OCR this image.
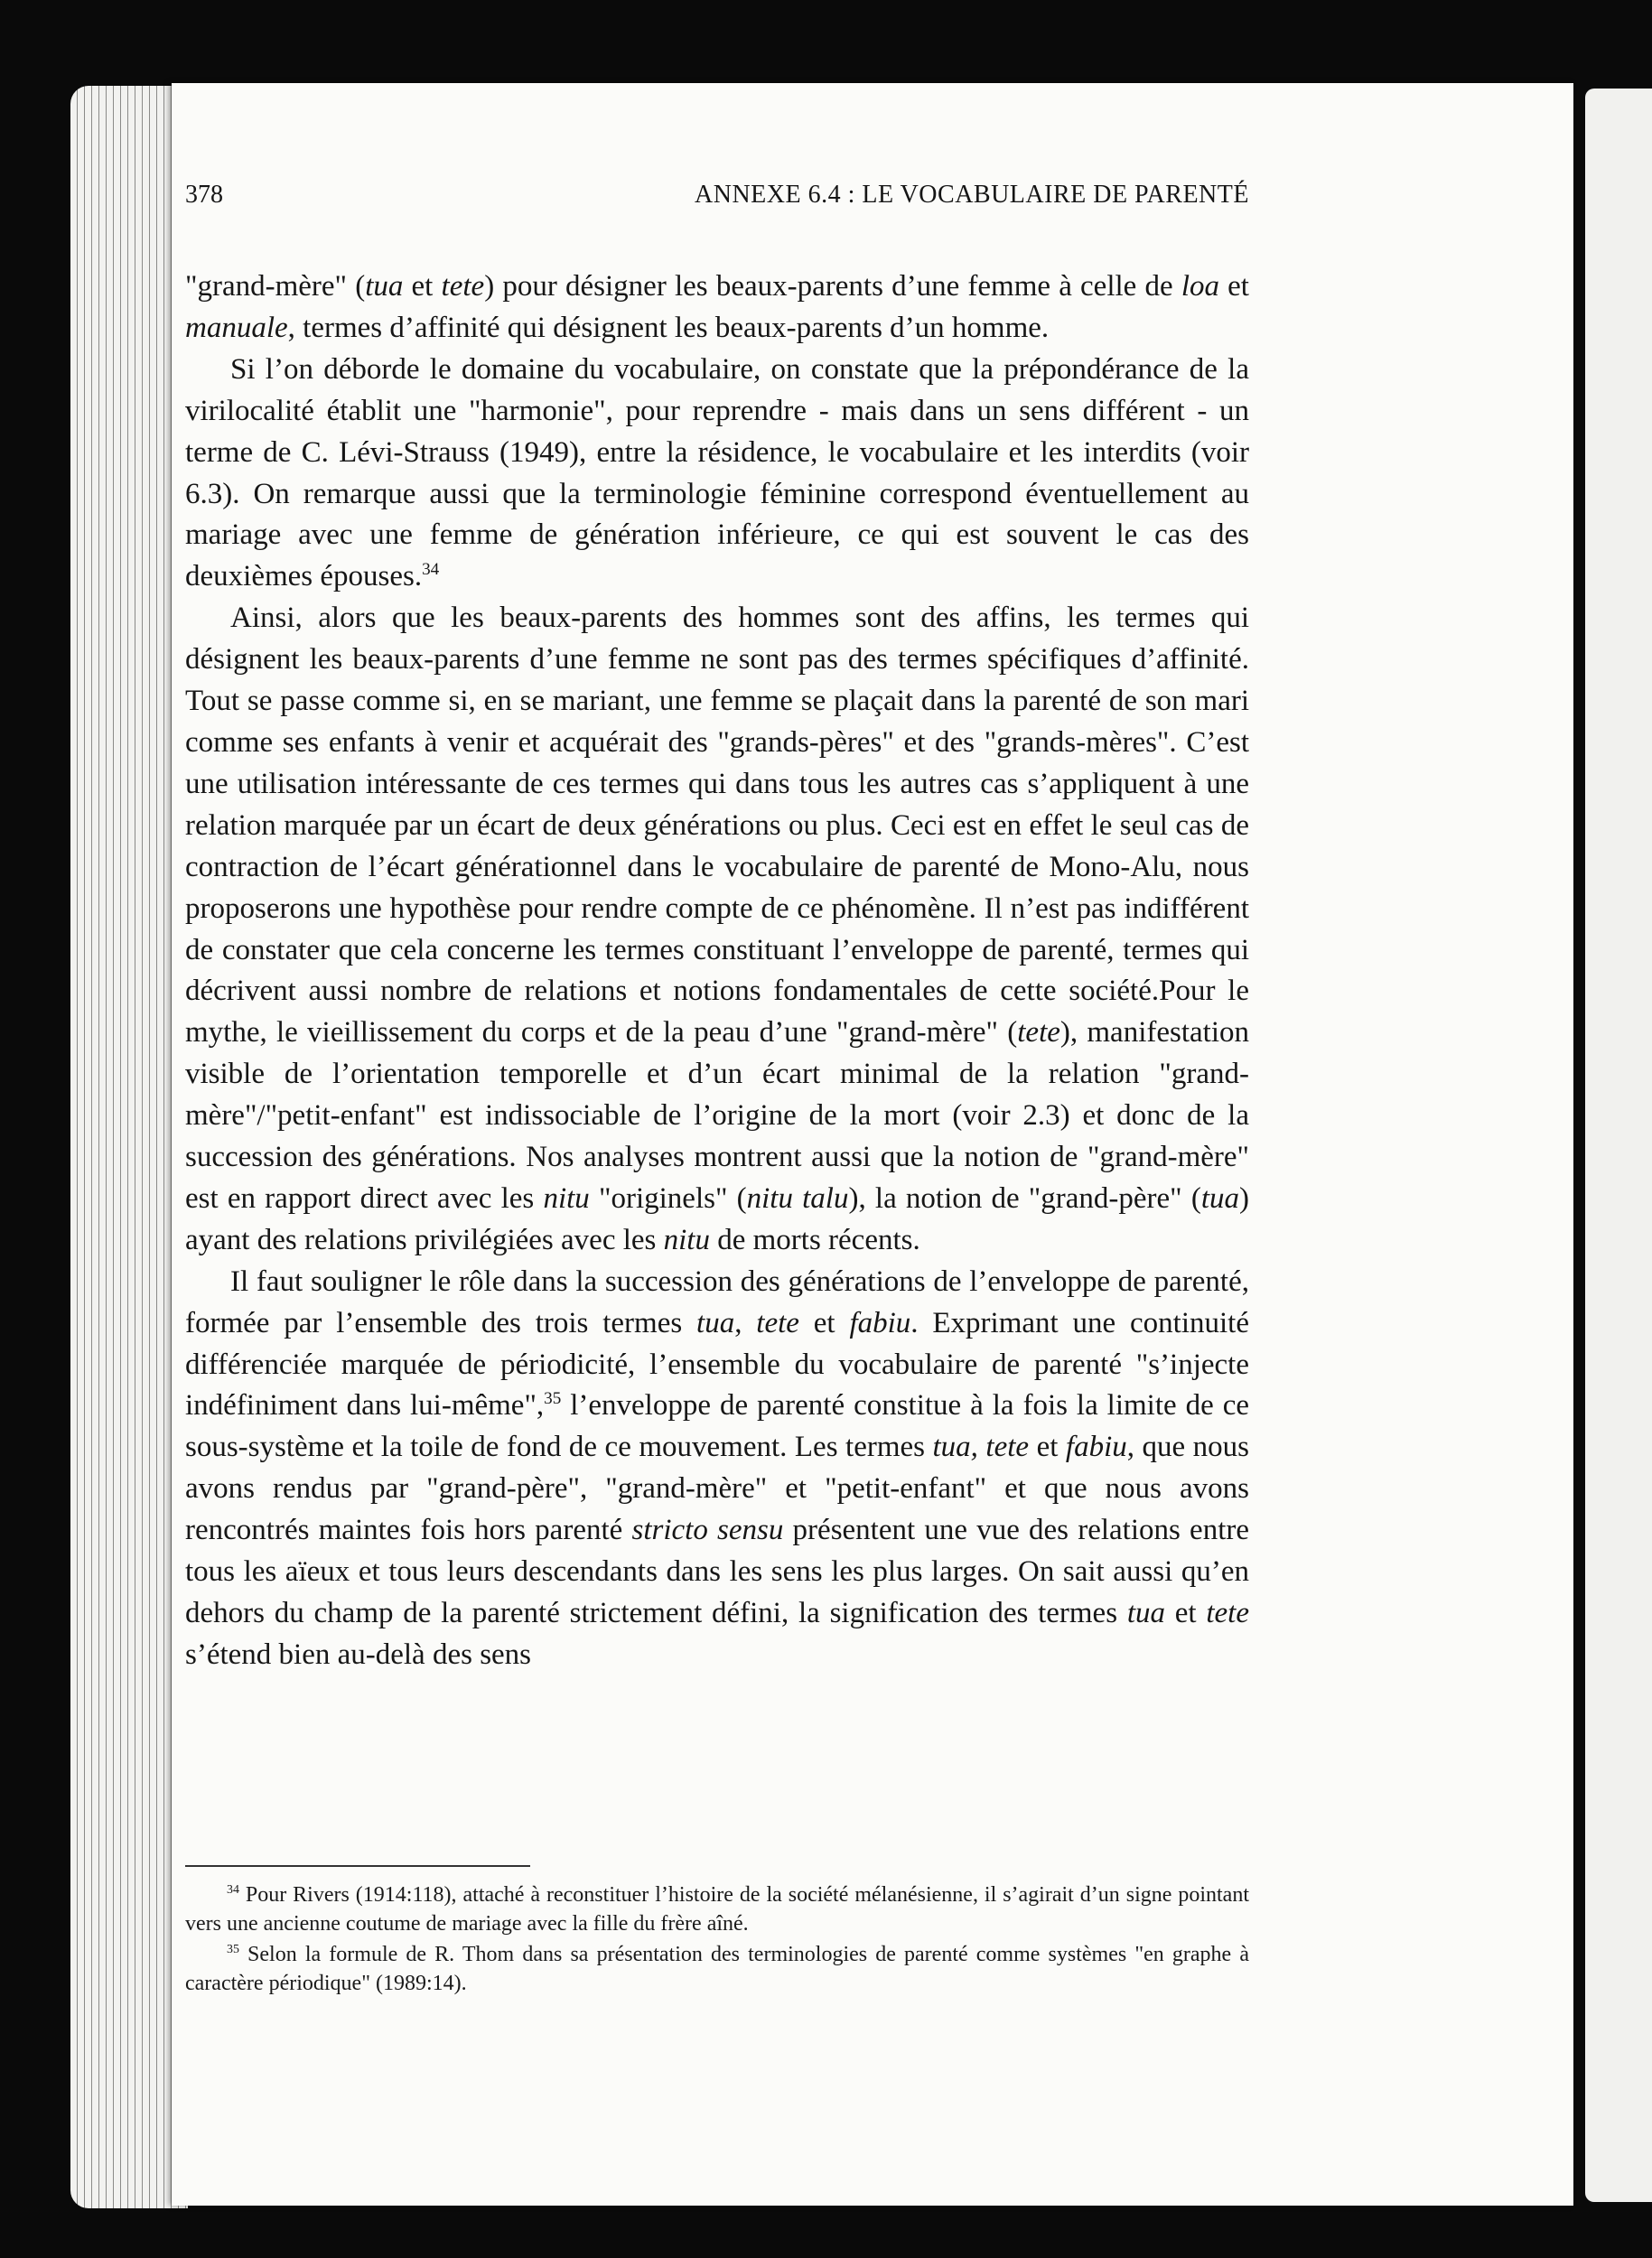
378	ANNEXE 6.4 : LE VOCABULAIRE DE PARENTÉ

"grand-mère" (tua et tete) pour désigner les beaux-parents d’une femme à celle de loa et manuale, termes d’affinité qui désignent les beaux-parents d’un homme.

Si l’on déborde le domaine du vocabulaire, on constate que la prépondérance de la virilocalité établit une "harmonie", pour reprendre - mais dans un sens différent - un terme de C. Lévi-Strauss (1949), entre la résidence, le vocabulaire et les interdits (voir 6.3). On remarque aussi que la terminologie féminine correspond éventuellement au mariage avec une femme de génération inférieure, ce qui est souvent le cas des deuxièmes épouses.$^{34}$

Ainsi, alors que les beaux-parents des hommes sont des affins, les termes qui désignent les beaux-parents d’une femme ne sont pas des termes spécifiques d’affinité. Tout se passe comme si, en se mariant, une femme se plaçait dans la parenté de son mari comme ses enfants à venir et acquérait des "grands-pères" et des "grands-mères". C’est une utilisation intéressante de ces termes qui dans tous les autres cas s’appliquent à une relation marquée par un écart de deux générations ou plus. Ceci est en effet le seul cas de contraction de l’écart générationnel dans le vocabulaire de parenté de Mono-Alu, nous proposerons une hypothèse pour rendre compte de ce phénomène. Il n’est pas indifférent de constater que cela concerne les termes constituant l’enveloppe de parenté, termes qui décrivent aussi nombre de relations et notions fondamentales de cette société.Pour le mythe, le vieillissement du corps et de la peau d’une "grand-mère" (tete), manifestation visible de l’orientation temporelle et d’un écart minimal de la relation "grand-mère"/"petit-enfant" est indissociable de l’origine de la mort (voir 2.3) et donc de la succession des générations. Nos analyses montrent aussi que la notion de "grand-mère" est en rapport direct avec les nitu "originels" (nitu talu), la notion de "grand-père" (tua) ayant des relations privilégiées avec les nitu de morts récents.

Il faut souligner le rôle dans la succession des générations de l’enveloppe de parenté, formée par l’ensemble des trois termes tua, tete et fabiu. Exprimant une continuité différenciée marquée de périodicité, l’ensemble du vocabulaire de parenté "s’injecte indéfiniment dans lui-même",$^{35}$ l’enveloppe de parenté constitue à la fois la limite de ce sous-système et la toile de fond de ce mouvement. Les termes tua, tete et fabiu, que nous avons rendus par "grand-père", "grand-mère" et "petit-enfant" et que nous avons rencontrés maintes fois hors parenté stricto sensu présentent une vue des relations entre tous les aïeux et tous leurs descendants dans les sens les plus larges. On sait aussi qu’en dehors du champ de la parenté strictement défini, la signification des termes tua et tete s’étend bien au-delà des sens

$^{34}$ Pour Rivers (1914:118), attaché à reconstituer l’histoire de la société mélanésienne, il s’agirait d’un signe pointant vers une ancienne coutume de mariage avec la fille du frère aîné.

$^{35}$ Selon la formule de R. Thom dans sa présentation des terminologies de parenté comme systèmes "en graphe à caractère périodique" (1989:14).
